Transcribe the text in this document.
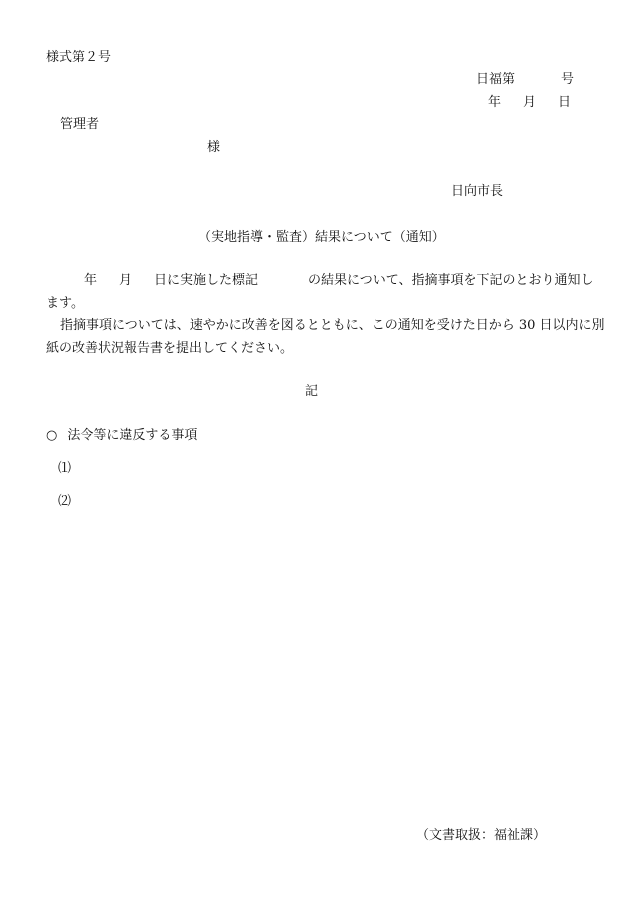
様式第２号
日福第	号
年 月 日
管理者
様
日向市長
（実地指導・監査）結果について（通知）
年 月 日に実施した標記	の結果について、指摘事項を下記のとおり通知し
ます。
指摘事項については、速やかに改善を図るとともに、この通知を受けた日から 30 日以内に別
紙の改善状況報告書を提出してください。
記
○ 法令等に違反する事項
⑴
⑵
（文書取扱：福祉課）
